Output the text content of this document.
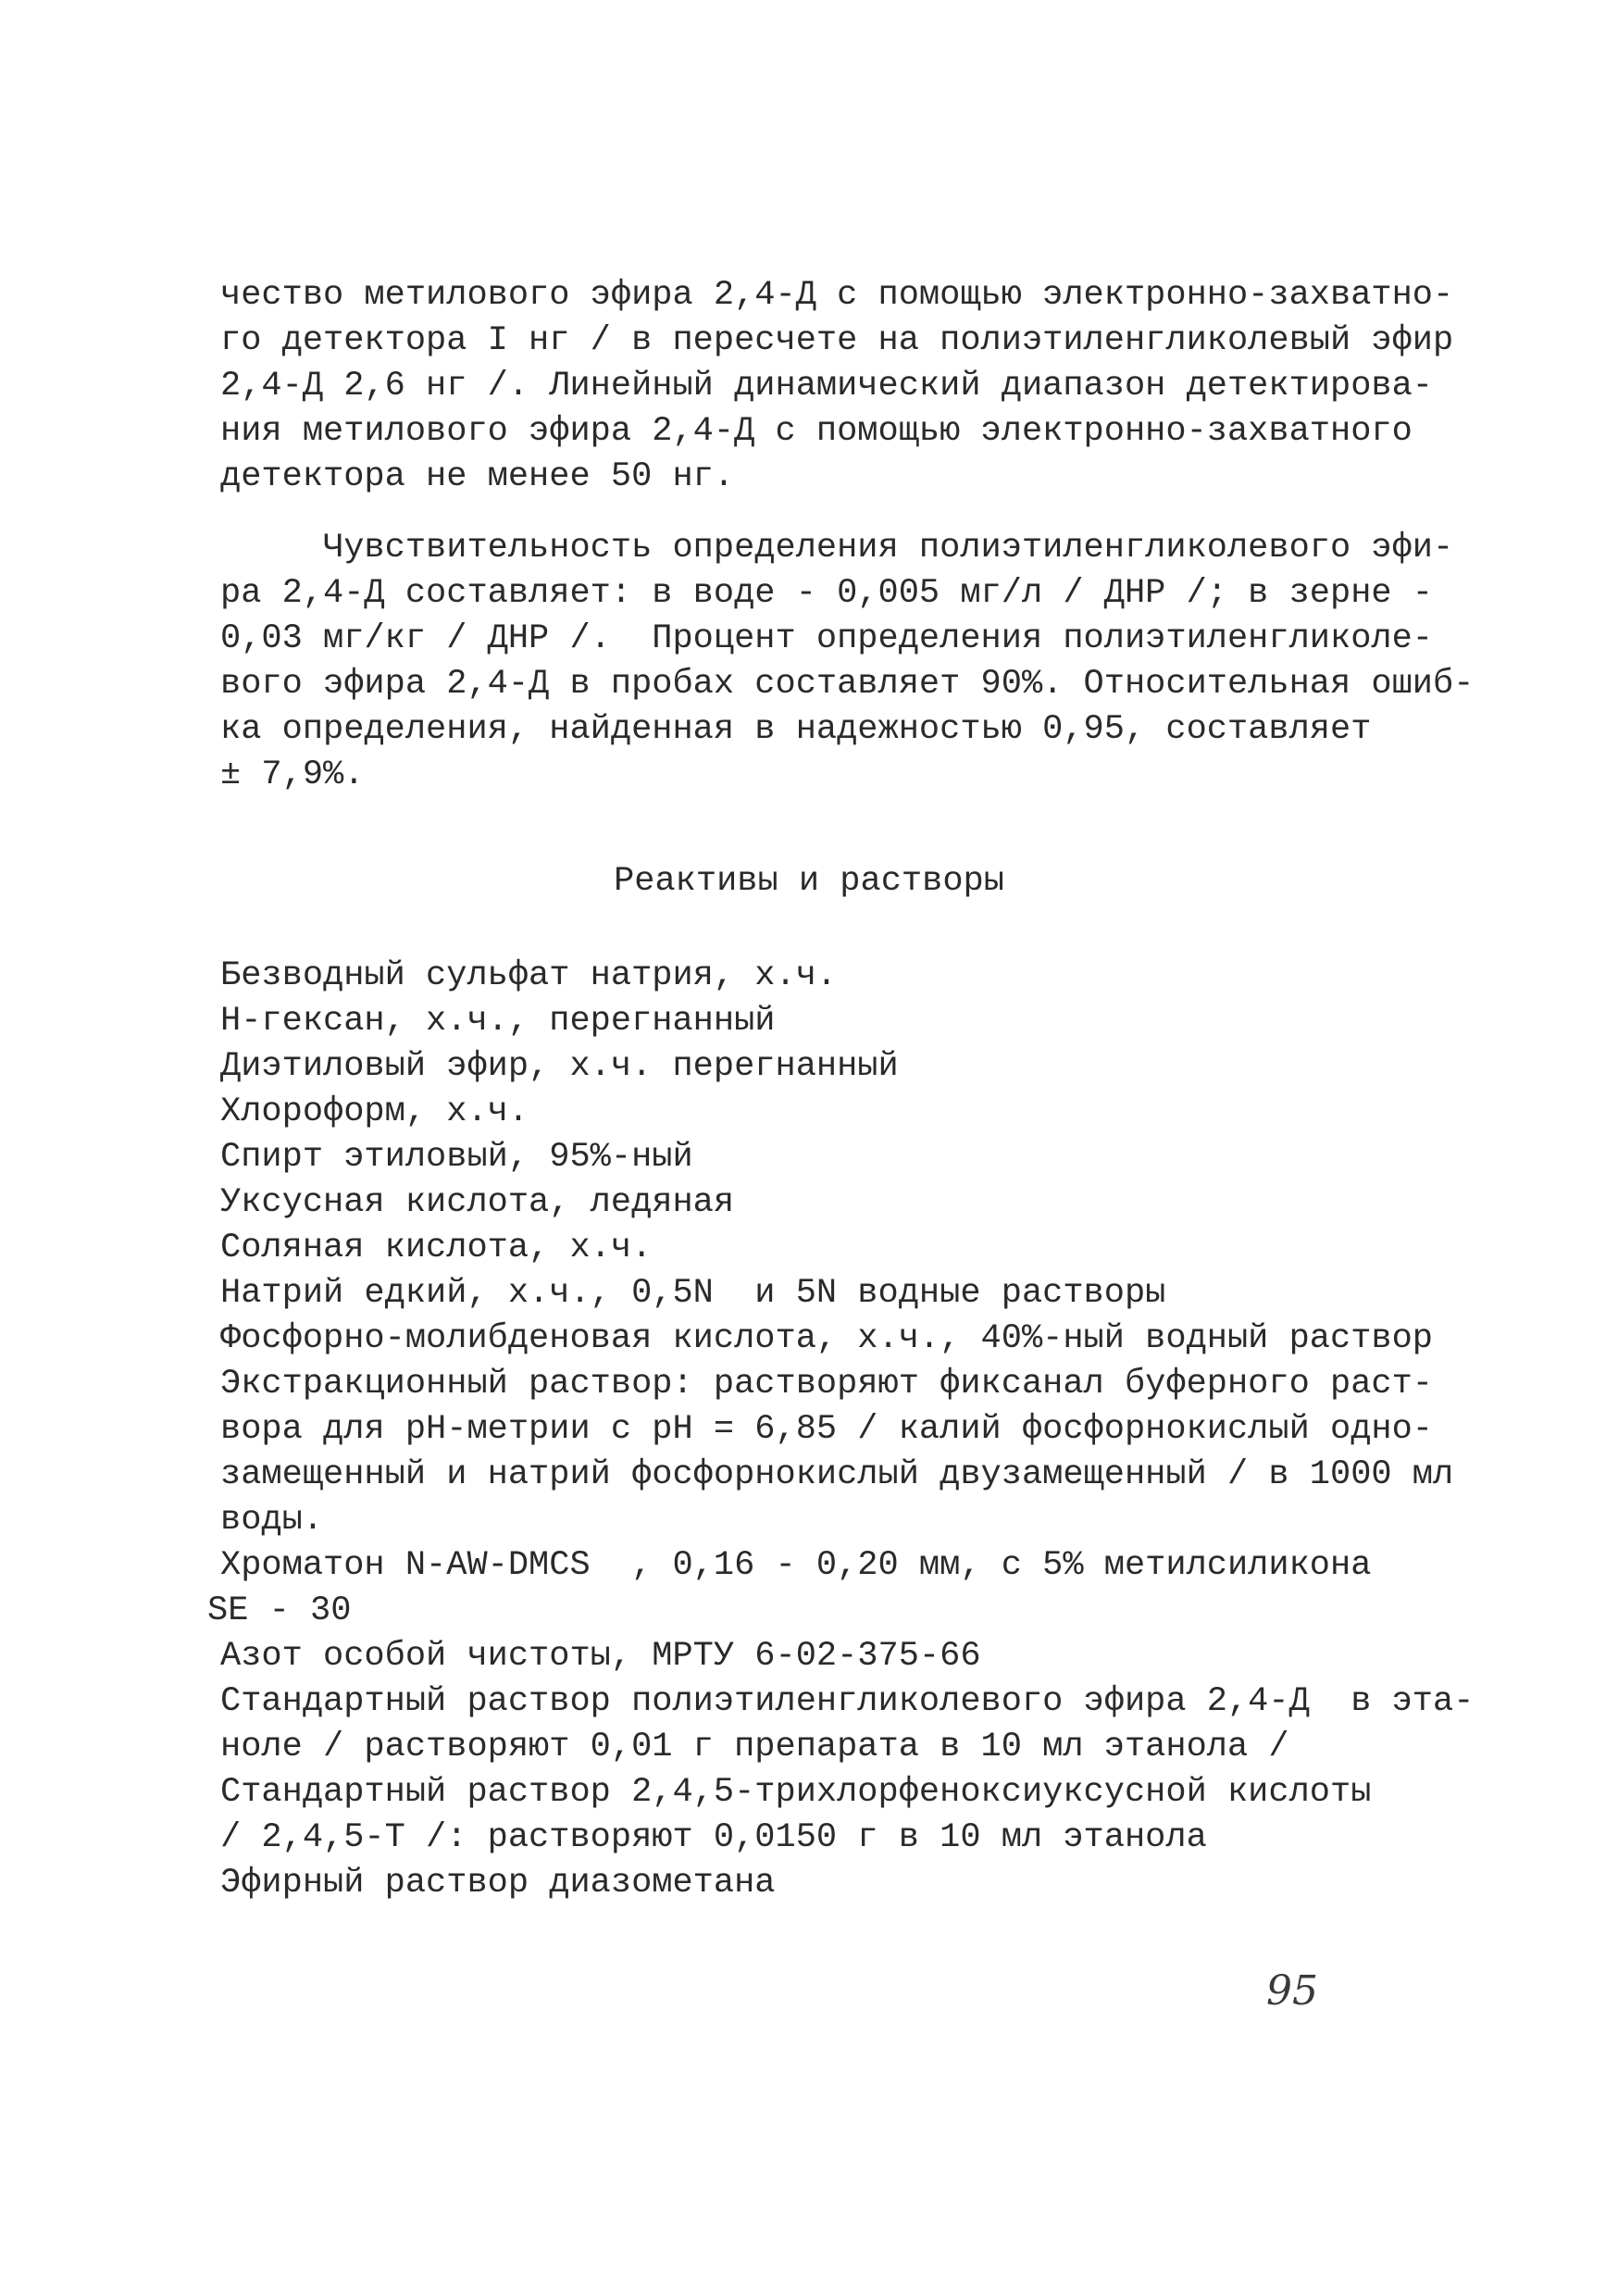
чество метилового эфира 2,4-Д с помощью электронно-захватно-
го детектора I нг / в пересчете на полиэтиленгликолевый эфир
2,4-Д 2,6 нг /. Линейный динамический диапазон детектирова-
ния метилового эфира 2,4-Д с помощью электронно-захватного
детектора не менее 50 нг.
Чувствительность определения полиэтиленгликолевого эфи-
ра 2,4-Д составляет: в воде - 0,005 мг/л / ДНР /; в зерне -
0,03 мг/кг / ДНР /.  Процент определения полиэтиленгликоле-
вого эфира 2,4-Д в пробах составляет 90%. Относительная ошиб-
ка определения, найденная в надежностью 0,95, составляет
± 7,9%.
Реактивы и растворы
Безводный сульфат натрия, х.ч.
Н-гексан, х.ч., перегнанный
Диэтиловый эфир, х.ч. перегнанный
Хлороформ, х.ч.
Спирт этиловый, 95%-ный
Уксусная кислота, ледяная
Соляная кислота, х.ч.
Натрий едкий, х.ч., 0,5N  и 5N водные растворы
Фосфорно-молибденовая кислота, х.ч., 40%-ный водный раствор
Экстракционный раствор: растворяют фиксанал буферного раст-
вора для рН-метрии с рН = 6,85 / калий фосфорнокислый одно-
замещенный и натрий фосфорнокислый двузамещенный / в 1000 мл
воды.
Хроматон N-AW-DMCS  , 0,16 - 0,20 мм, с 5% метилсиликона
SE - 30
Азот особой чистоты, МРТУ 6-02-375-66
Стандартный раствор полиэтиленгликолевого эфира 2,4-Д  в эта-
ноле / растворяют 0,01 г препарата в 10 мл этанола /
Стандартный раствор 2,4,5-трихлорфеноксиуксусной кислоты
/ 2,4,5-Т /: растворяют 0,0150 г в 10 мл этанола
Эфирный раствор диазометана
95
